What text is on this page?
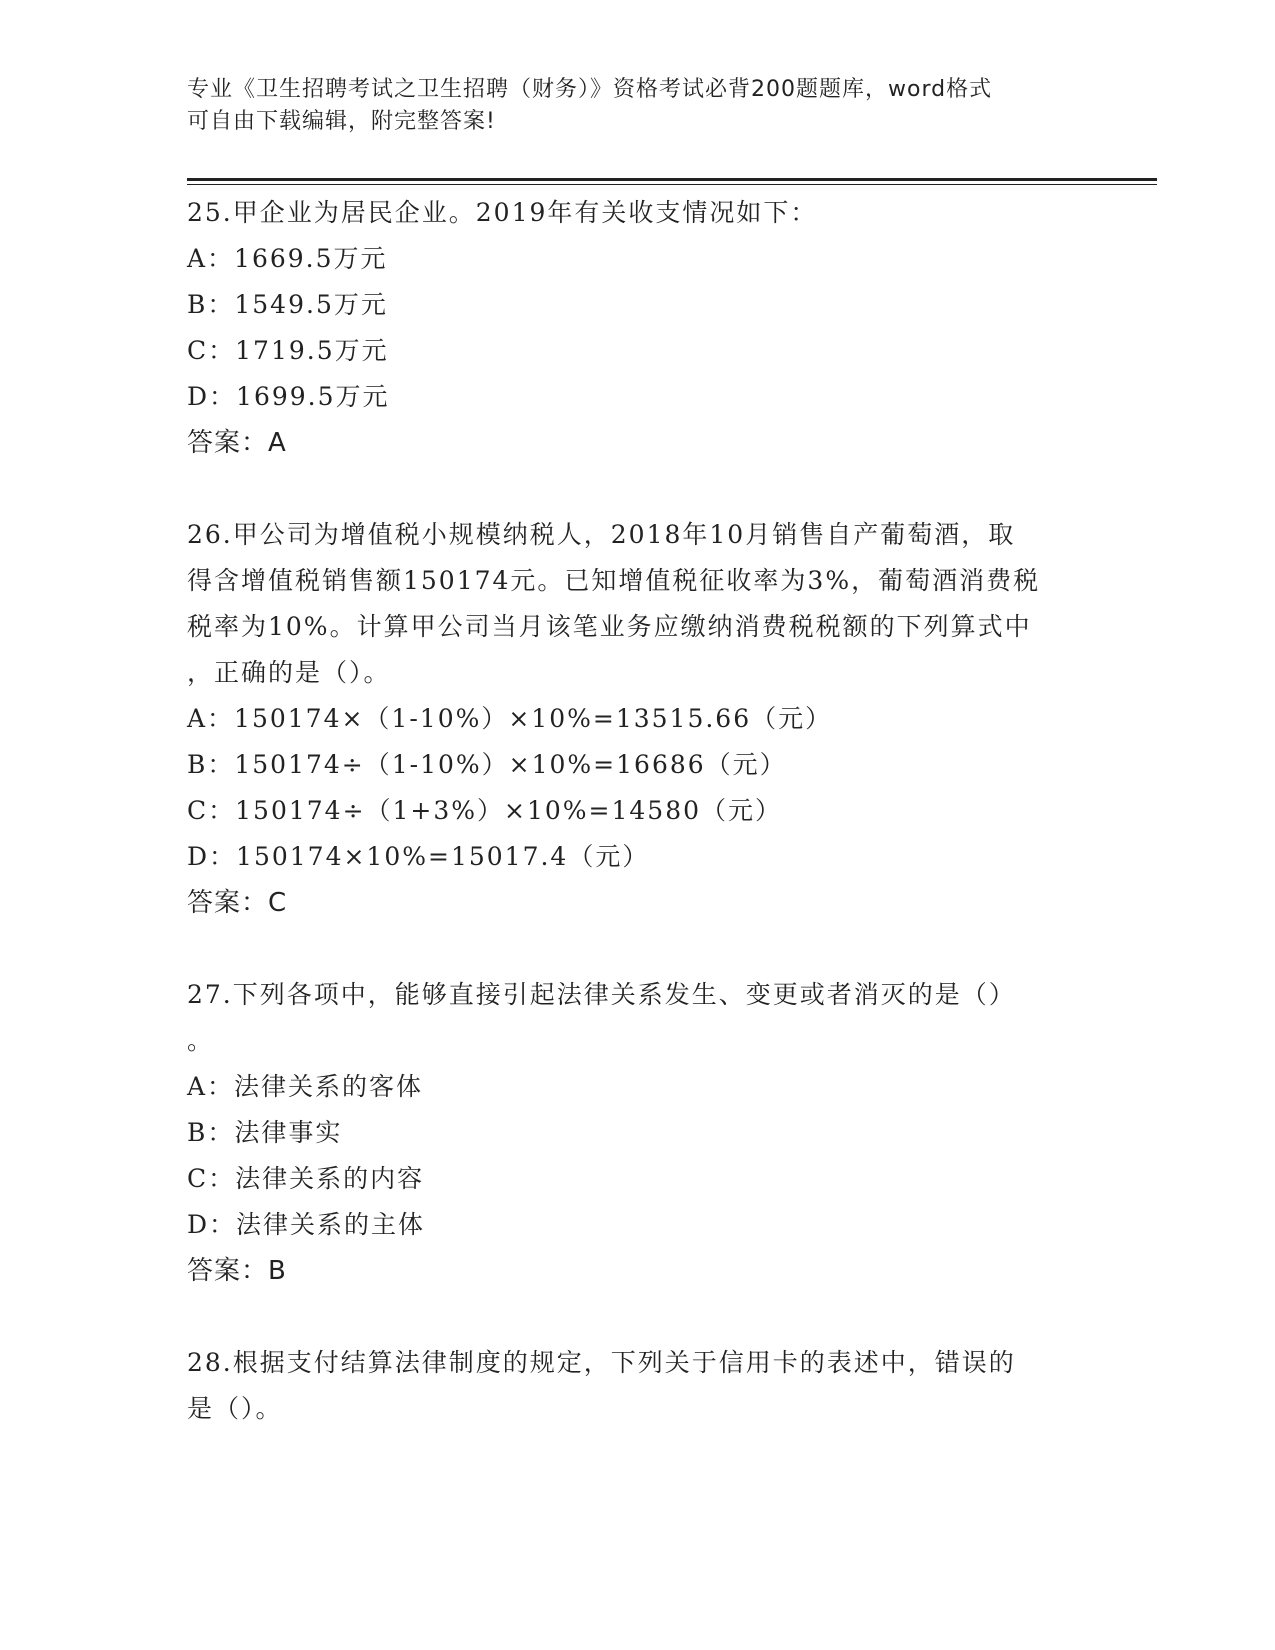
专业《卫生招聘考试之卫生招聘（财务）》资格考试必背200题题库，word格式
可自由下载编辑，附完整答案!
25.甲企业为居民企业。2019年有关收支情况如下：
A：1669.5万元
B：1549.5万元
C：1719.5万元
D：1699.5万元
答案：A
26.甲公司为增值税小规模纳税人，2018年10月销售自产葡萄酒，取
得含增值税销售额150174元。已知增值税征收率为3%，葡萄酒消费税
税率为10%。计算甲公司当月该笔业务应缴纳消费税税额的下列算式中
，正确的是（）。
A：150174×（1-10%）×10%=13515.66（元）
B：150174÷（1-10%）×10%=16686（元）
C：150174÷（1+3%）×10%=14580（元）
D：150174×10%=15017.4（元）
答案：C
27.下列各项中，能够直接引起法律关系发生、变更或者消灭的是（）
。
A：法律关系的客体
B：法律事实
C：法律关系的内容
D：法律关系的主体
答案：B
28.根据支付结算法律制度的规定，下列关于信用卡的表述中，错误的
是（）。
